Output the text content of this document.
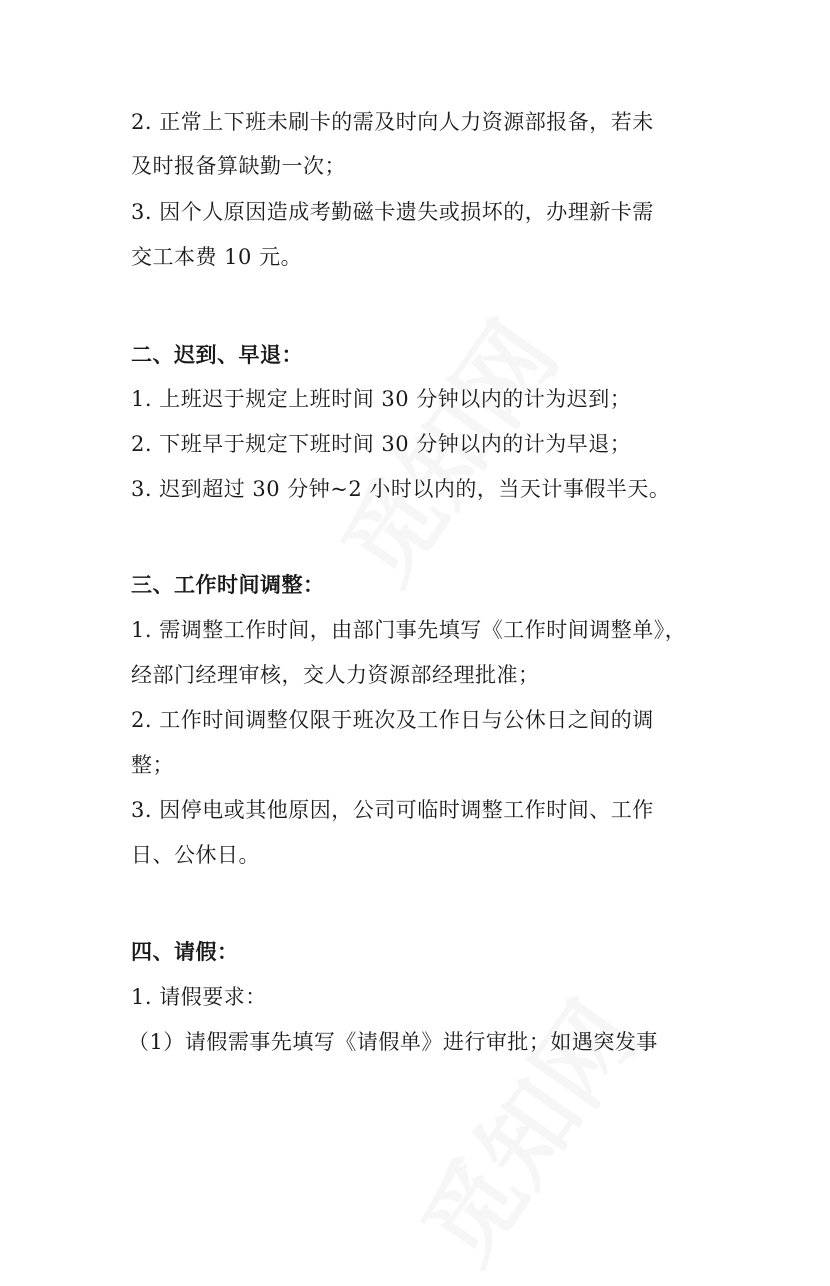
2. 正常上下班未刷卡的需及时向人力资源部报备，若未
及时报备算缺勤一次；
3. 因个人原因造成考勤磁卡遗失或损坏的，办理新卡需
交工本费 10 元。
二、迟到、早退：
1. 上班迟于规定上班时间 30 分钟以内的计为迟到；
2. 下班早于规定下班时间 30 分钟以内的计为早退；
3. 迟到超过 30 分钟~2 小时以内的，当天计事假半天。
三、工作时间调整：
1. 需调整工作时间，由部门事先填写《工作时间调整单》，
经部门经理审核，交人力资源部经理批准；
2. 工作时间调整仅限于班次及工作日与公休日之间的调
整；
3. 因停电或其他原因，公司可临时调整工作时间、工作
日、公休日。
四、请假：
1. 请假要求：
（1）请假需事先填写《请假单》进行审批；如遇突发事
